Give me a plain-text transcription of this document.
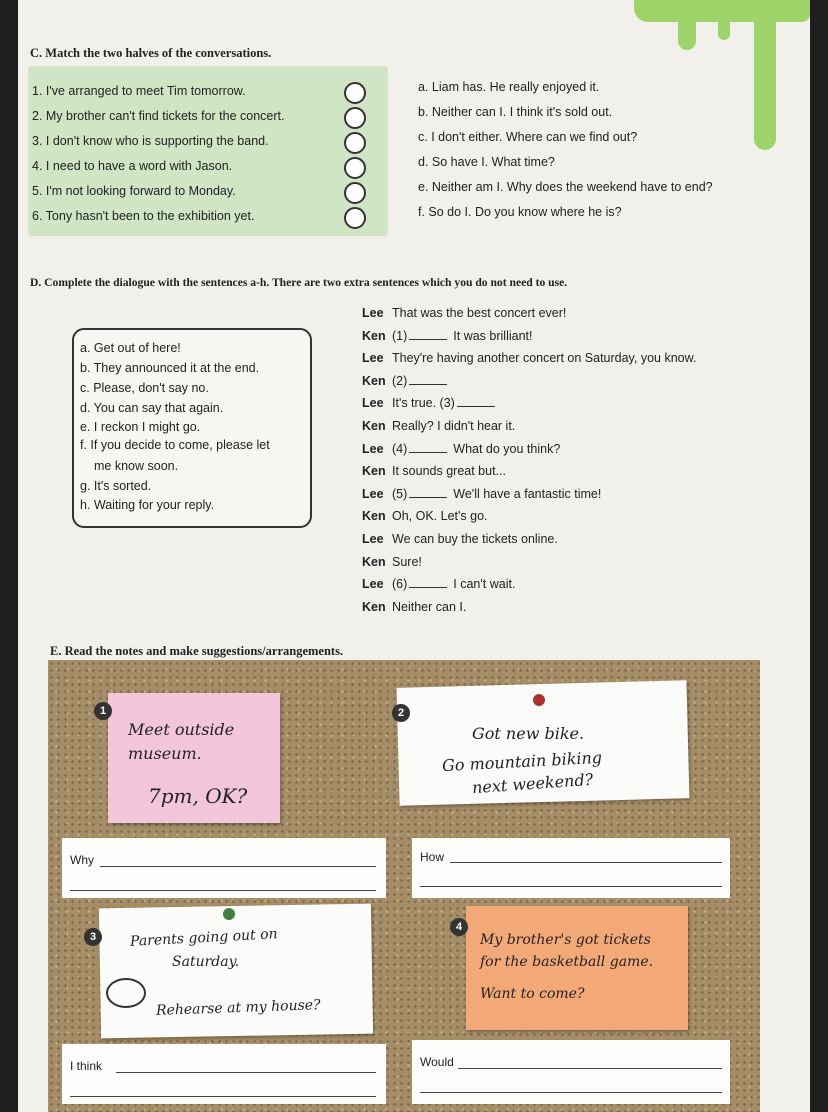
C. Match the two halves of the conversations.
1. I've arranged to meet Tim tomorrow.
2. My brother can't find tickets for the concert.
3. I don't know who is supporting the band.
4. I need to have a word with Jason.
5. I'm not looking forward to Monday.
6. Tony hasn't been to the exhibition yet.
a. Liam has. He really enjoyed it.
b. Neither can I. I think it's sold out.
c. I don't either. Where can we find out?
d. So have I. What time?
e. Neither am I. Why does the weekend have to end?
f. So do I. Do you know where he is?
D. Complete the dialogue with the sentences a-h. There are two extra sentences which you do not need to use.
a. Get out of here!
b. They announced it at the end.
c. Please, don't say no.
d. You can say that again.
e. I reckon I might go.
f. If you decide to come, please let
me know soon.
g. It's sorted.
h. Waiting for your reply.
Lee That was the best concert ever!
Ken (1)	It was brilliant!
Lee They're having another concert on Saturday, you know.
Ken (2)
Lee It's true. (3)
Ken Really? I didn't hear it.
Lee (4)	What do you think?
Ken It sounds great but...
Lee (5)	We'll have a fantastic time!
Ken Oh, OK. Let's go.
Lee We can buy the tickets online.
Ken Sure!
Lee (6)	I can't wait.
Ken Neither can I.
E. Read the notes and make suggestions/arrangements.
1
Meet outside
museum.
7pm, OK?
2
Got new bike.
Go mountain biking
next weekend?
Why	How
3	Parents going out on
Saturday.
Rehearse at my house?
4
My brother's got tickets
for the basketball game.
Want to come?
I think	Would
